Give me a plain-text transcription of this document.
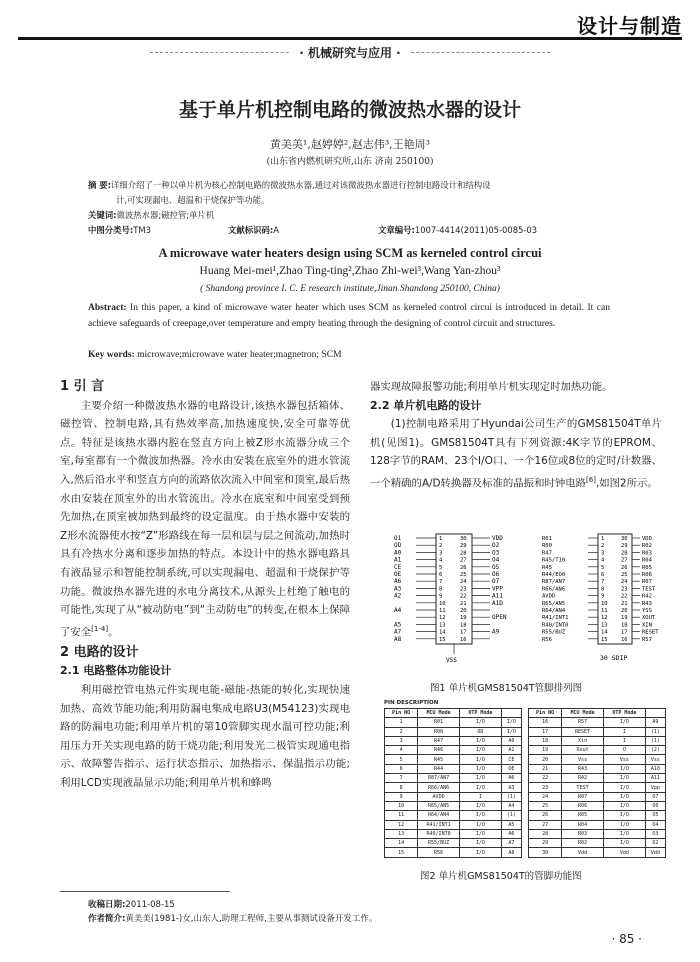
设计与制造
· 机械研究与应用 ·
基于单片机控制电路的微波热水器的设计
黄美美¹,赵婷婷²,赵志伟³,王艳周³
(山东省内燃机研究所,山东 济南 250100)
摘 要:详细介绍了一种以单片机为核心控制电路的微波热水器,通过对该微波热水器进行控制电路设计和结构设
计,可实现漏电、超温和干烧保护等功能。
关键词:微波热水器;磁控管;单片机
中图分类号:TM3	文献标识码:A	文章编号:1007-4414(2011)05-0085-03
A microwave water heaters design using SCM as kerneled control circui
Huang Mei-mei¹,Zhao Ting-ting²,Zhao Zhi-wei³,Wang Yan-zhou³
( Shandong province I. C. E research institute,Jinan Shandong 250100, China)
Abstract: In this paper, a kind of microwave water heater which uses SCM as kerneled control circui is introduced in detail. It can achieve safeguards of creepage,over temperature and empty heating through the designing of control circuit and structures.
Key words: microwave;microwave water heater;magnetron; SCM
1 引 言
主要介绍一种微波热水器的电路设计,该热水器包括箱体、磁控管、控制电路,具有热效率高,加热速度快,安全可靠等优点。特征是该热水器内腔在竖直方向上被Z形水流器分成三个室,每室都有一个微波加热器。冷水由安装在底室外的进水管流入,然后沿水平和竖直方向的流路依次流入中间室和顶室,最后热水由安装在顶室外的出水管流出。冷水在底室和中间室受到预先加热,在顶室被加热到最终的设定温度。由于热水器中安装的Z形水流器使水按“Z”形路线在每一层和层与层之间流动,加热时具有冷热水分离和逐步加热的特点。本设计中的热水器电路具有液晶显示和智能控制系统,可以实现漏电、超温和干烧保护等功能。微波热水器先进的水电分离技术,从源头上杜绝了触电的可能性,实现了从“被动防电”到“主动防电”的转变,在根本上保障了安全[1-4]。
2 电路的设计
2.1 电路整体功能设计
利用磁控管电热元件实现电能-磁能-热能的转化,实现快速加热、高效节能功能;利用防漏电集成电路U3(M54123)实现电路的防漏电功能;利用单片机的第10管脚实现水温可控功能;利用压力开关实现电路的防干烧功能;利用发光二极管实现通电指示、故障警告指示、运行状态指示、加热指示、保温指示功能;利用LCD实现液晶显示功能;利用单片机和蜂鸣
器实现故障报警功能;利用单片机实现定时加热功能。
2.2 单片机电路的设计
(1)控制电路采用了Hyundai公司生产的GMS81504T单片机(见图1)。GMS81504T具有下列资源:4K字节的EPROM、128字节的RAM、23个I/O口、一个16位或8位的定时/计数器、一个精确的A/D转换器及标准的晶振和时钟电路[6],如图2所示。
O1	1	30	VDD
OD	2	29	O2
A0	3	28	O3
A1	4	27	O4
CE	5	26	O5
OE	6	25	O6
A6	7	24	O7
A3	8	23	VPP
A2	9	22	A11
10	21	A1D
A4	11	20
12	19
A5	13	18
A7	14	17	A9
A8	15	16
OPEN
VSS
R01	1	30	VDD
R00	2	29	R02
R47	3	28	R03
R45/T10	4	27	R04
R45	5	26	R05
R44/EO0	6	25	R06
R87/AN7	7	24	R07
R66/AN6	8	23	TEST
AVDD	9	22	R42
R65/AN5	10 21	R43
R64/AN4	11 20	YSS
R41/INT1	12 19	XOUT
R40/INT0	13 18	XIN
R55/BUZ	14 17	RESET
R56	15 16	R57
30 SDIP
图1 单片机GMS81504T管脚排列图
PIN DESCRIPTION
Pin NO	MCU Mode	OTP Mode	
1	R01	I/O	I/O
2	R00	OD	I/O
3	R47	I/O	A0
4	R46	I/O	A1
5	R45	I/O	CE
6	R44	I/O	OE
7	R87/AN7	I/O	A6
8	R66/AN6	I/O	A3
9	AVDD	I	(1)
10	R65/AN5	I/O	A4
11	R64/AN4	I/O	(1)
12	R41/INT1	I/O	A5
13	R40/INT0	I/O	A6
14	R55/BUZ	I/O	A7
15	R56	I/O	A8
Pin NO	MCU Mode	OTP Mode	
16	R57	I/O	A9
17	RESET	I	(1)
18	Xin	I	(1)
19	Xout	O	(2)
20	Vss	Vss	Vss
21	R43	I/O	A10
22	R42	I/O	A11
23	TEST	I/O	Vpp
24	R07	I/O	O7
25	R06	I/O	O6
26	R05	I/O	O5
27	R04	I/O	O4
28	R03	I/O	O3
29	R02	I/O	O2
30	Vdd	Vdd	Vdd
图2 单片机GMS81504T的管脚功能图
收稿日期:2011-08-15
作者简介:黄美美(1981-)女,山东人,助理工程师,主要从事测试设备开发工作。
· 85 ·
